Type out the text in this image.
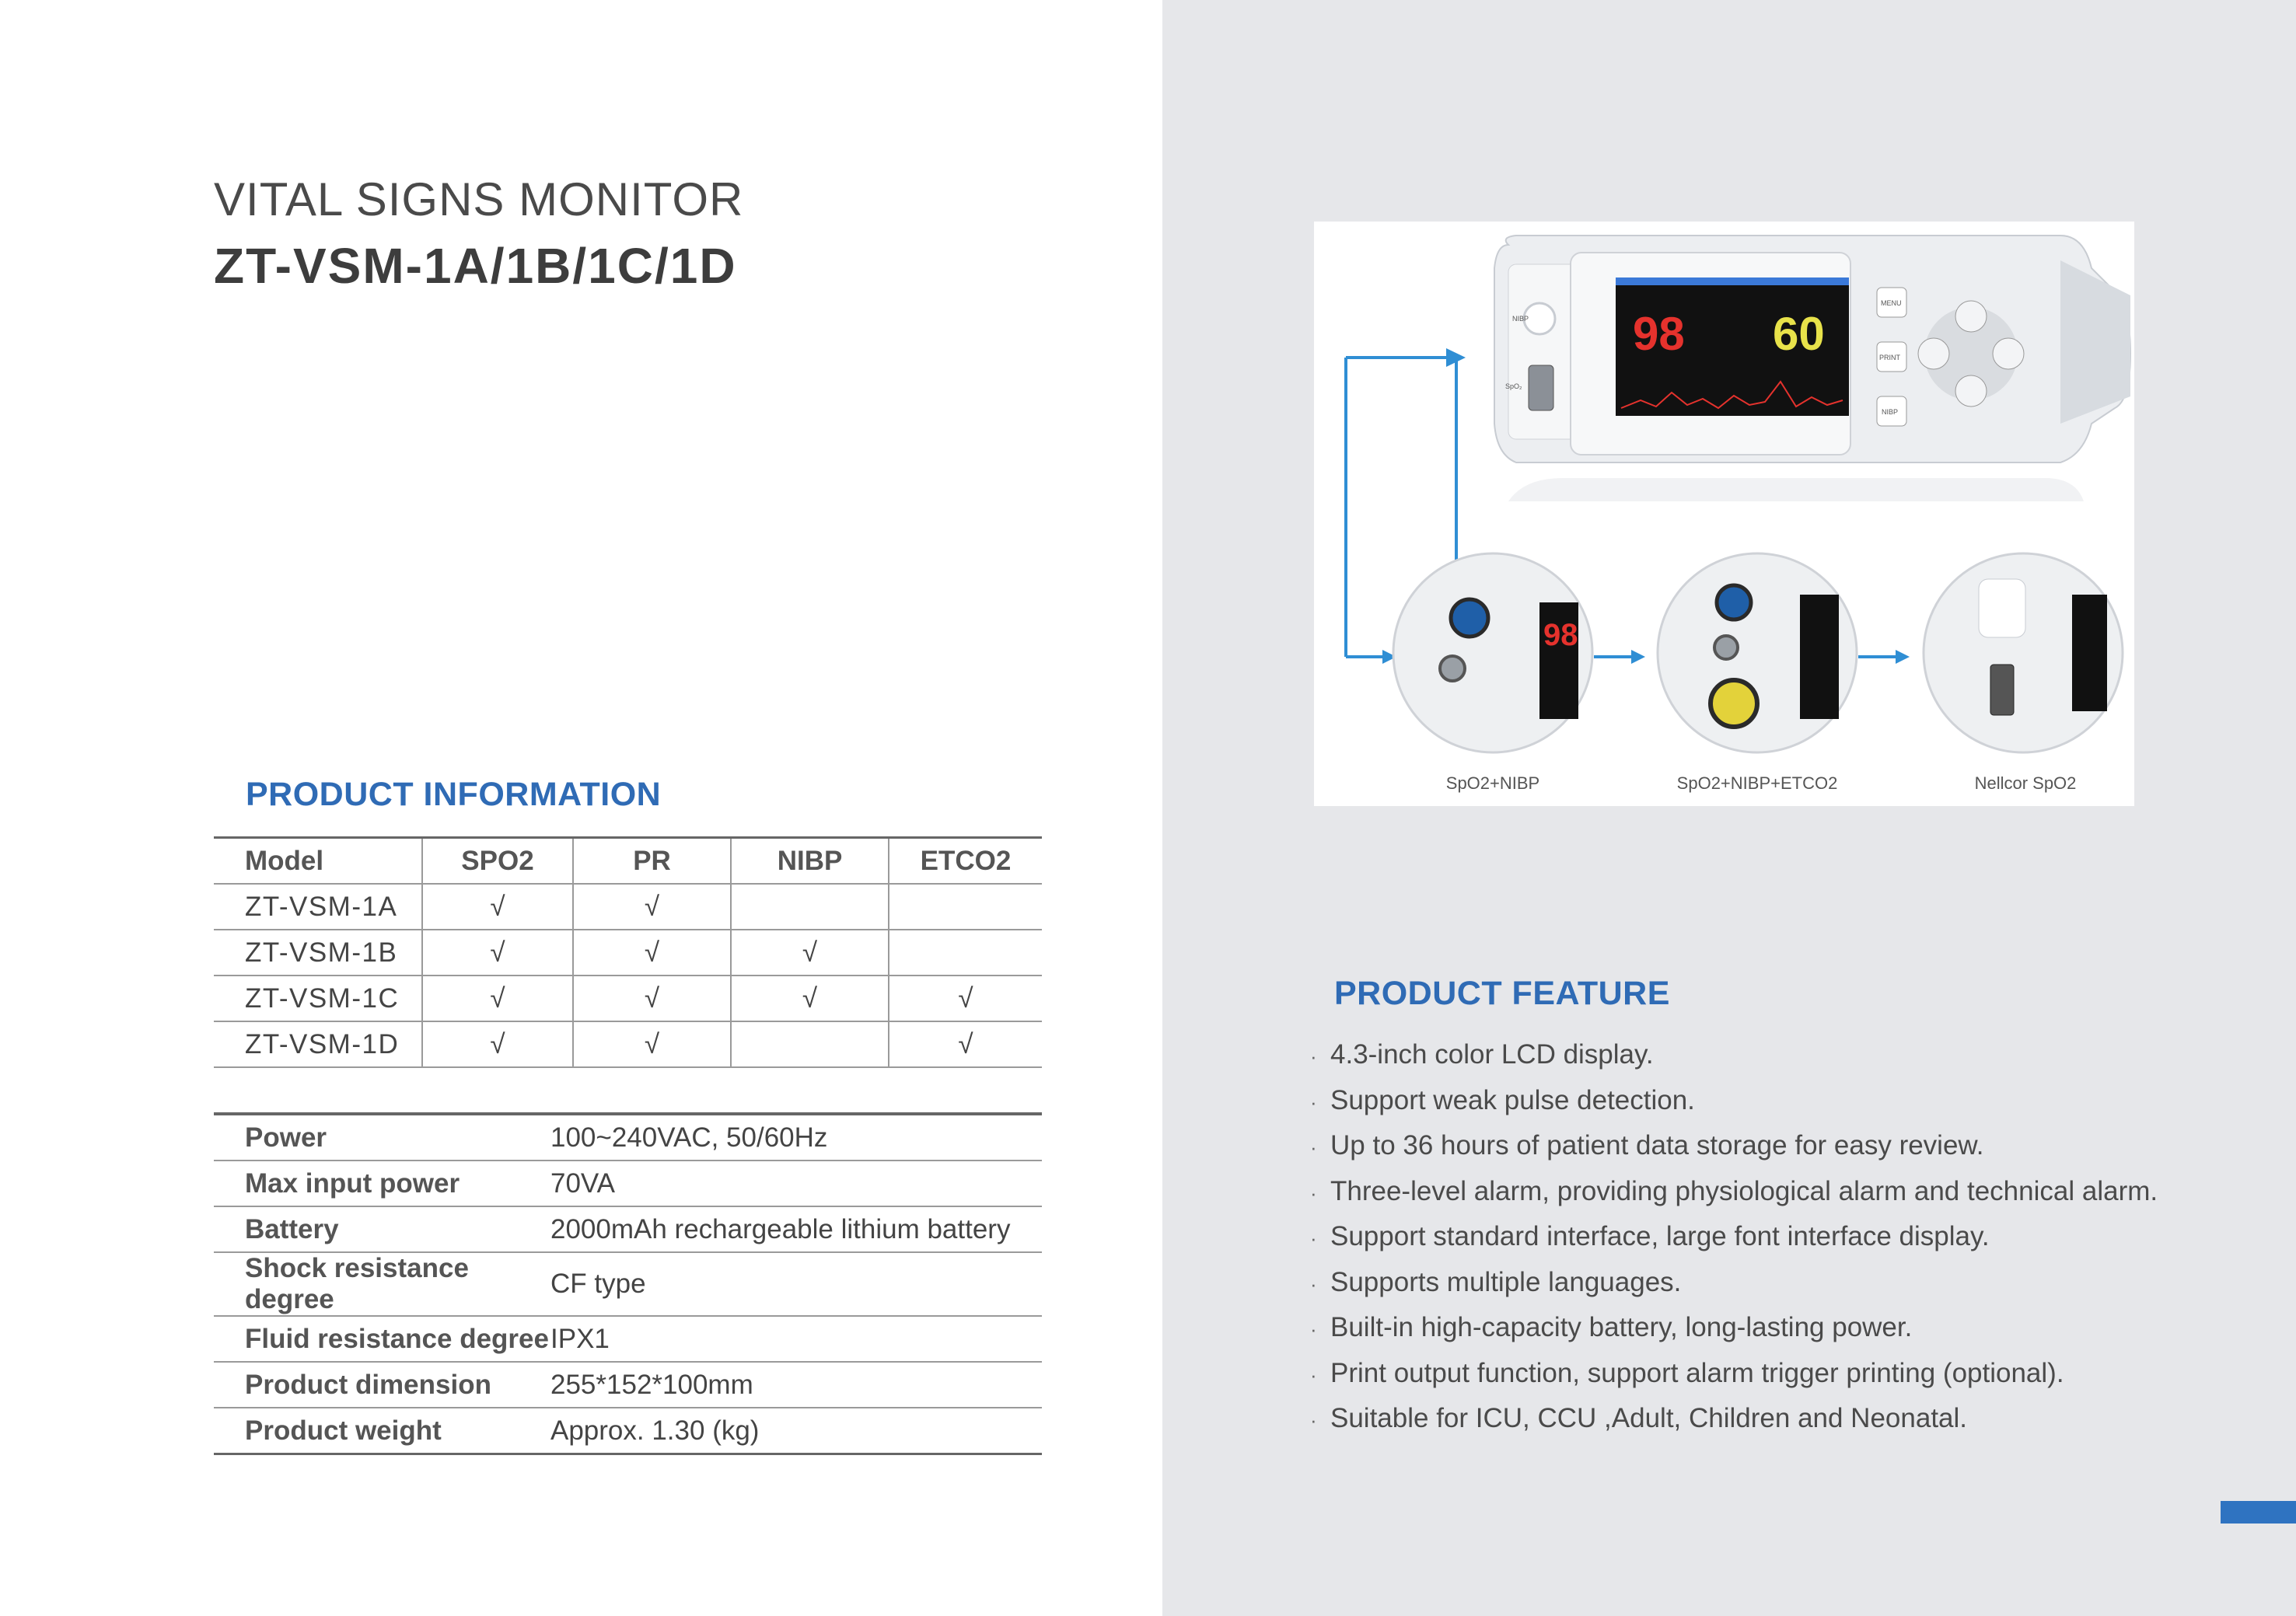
VITAL SIGNS MONITOR
ZT-VSM-1A/1B/1C/1D
PRODUCT INFORMATION
Model	SPO2	PR	NIBP	ETCO2
ZT-VSM-1A	√	√		
ZT-VSM-1B	√	√	√	
ZT-VSM-1C	√	√	√	√
ZT-VSM-1D	√	√		√

Power	100~240VAC, 50/60Hz
Max input power	70VA
Battery	2000mAh rechargeable lithium battery
Shock resistance degree	CF type
Fluid resistance degree	IPX1
Product dimension	255*152*100mm
Product weight	Approx. 1.30 (kg)
NIBP
SpO₂
98 60
MENU
PRINT
NIBP
98
SpO2+NIBP	SpO2+NIBP+ETCO2	Nellcor SpO2
PRODUCT FEATURE
· 4.3-inch color LCD display.
· Support weak pulse detection.
· Up to 36 hours of patient data storage for easy review.
· Three-level alarm, providing physiological alarm and technical alarm.
· Support standard interface, large font interface display.
· Supports multiple languages.
· Built-in high-capacity battery, long-lasting power.
· Print output function, support alarm trigger printing (optional).
· Suitable for ICU, CCU ,Adult, Children and Neonatal.
